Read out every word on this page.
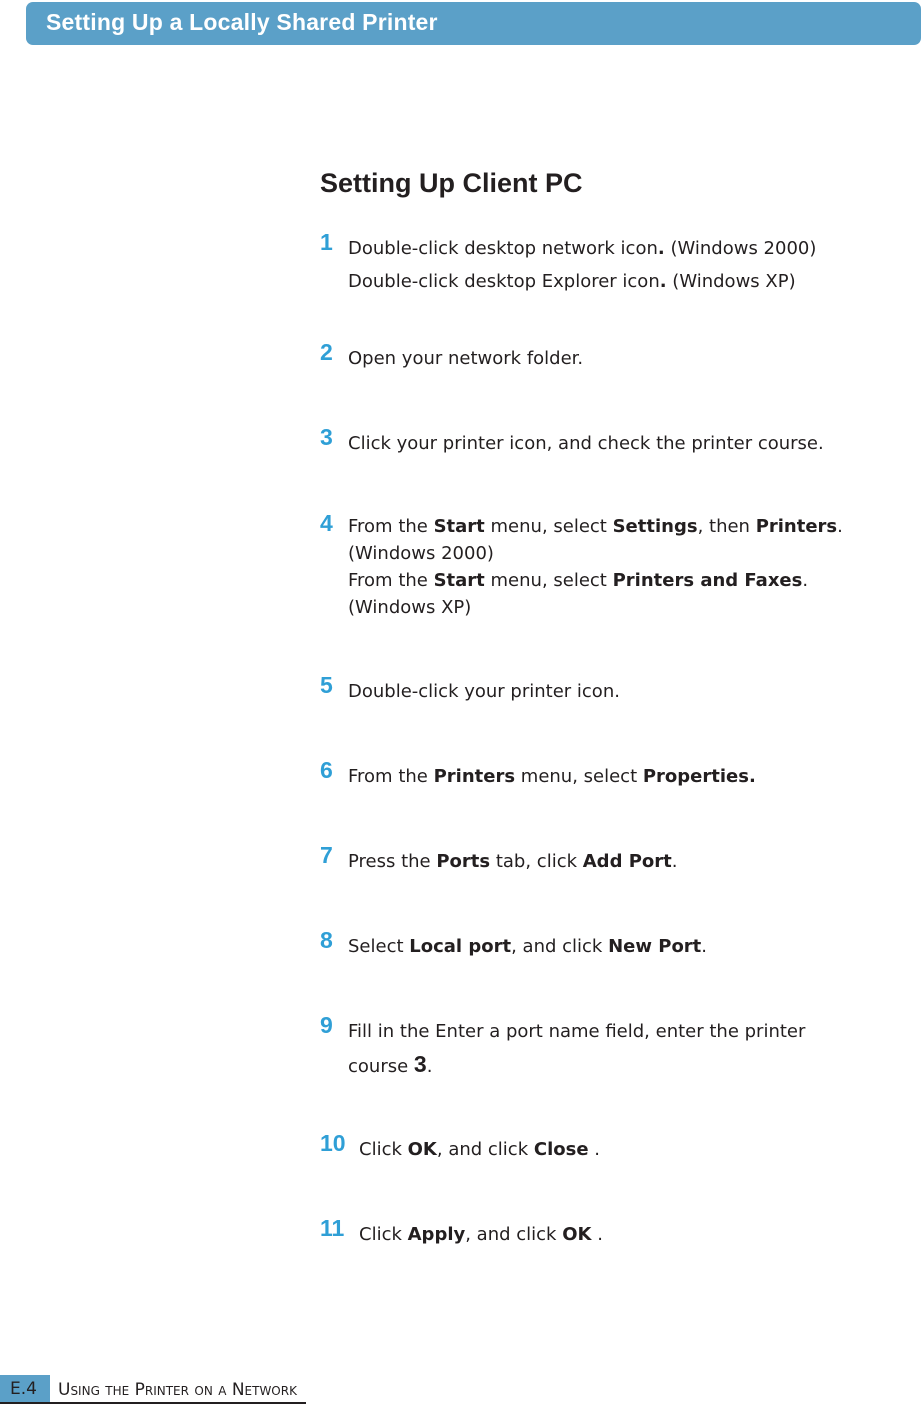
Setting Up a Locally Shared Printer
Setting Up Client PC
1 Double-click desktop network icon. (Windows 2000)
Double-click desktop Explorer icon. (Windows XP)
2 Open your network folder.
3 Click your printer icon, and check the printer course.
4 From the Start menu, select Settings, then Printers.
(Windows 2000)
From the Start menu, select Printers and Faxes.
(Windows XP)
5 Double-click your printer icon.
6 From the Printers menu, select Properties.
7 Press the Ports tab, click Add Port.
8 Select Local port, and click New Port.
9 Fill in the Enter a port name field, enter the printer
course 3.
10 Click OK, and click Close .
11 Click Apply, and click OK .
E.4 Using the Printer on a Network
